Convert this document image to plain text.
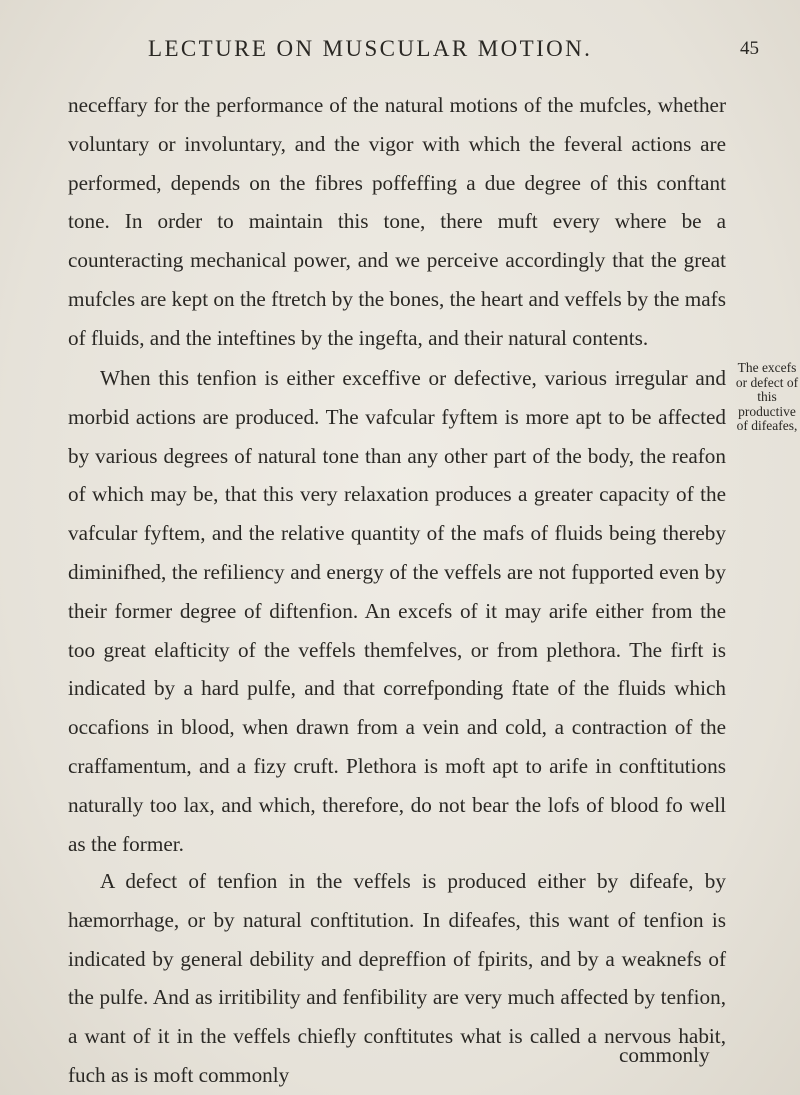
LECTURE ON MUSCULAR MOTION.	45

neceffary for the performance of the natural motions of the mufcles, whether voluntary or involuntary, and the vigor with which the feveral actions are performed, depends on the fibres poffeffing a due degree of this conftant tone. In order to maintain this tone, there muft every where be a counteracting mechanical power, and we perceive accordingly that the great mufcles are kept on the ftretch by the bones, the heart and veffels by the mafs of fluids, and the inteftines by the ingefta, and their natural contents.

When this tenfion is either exceffive or defective, various irregular and morbid actions are produced. The vafcular fyftem is more apt to be affected by various degrees of natural tone than any other part of the body, the reafon of which may be, that this very relaxation produces a greater capacity of the vafcular fyftem, and the relative quantity of the mafs of fluids being thereby diminifhed, the refiliency and energy of the veffels are not fupported even by their former degree of diftenfion. An excefs of it may arife either from the too great elafticity of the veffels themfelves, or from plethora. The firft is indicated by a hard pulfe, and that correfponding ftate of the fluids which occafions in blood, when drawn from a vein and cold, a contraction of the craffamentum, and a fizy cruft. Plethora is moft apt to arife in conftitutions naturally too lax, and which, therefore, do not bear the lofs of blood fo well as the former.

A defect of tenfion in the veffels is produced either by difeafe, by hæmorrhage, or by natural conftitution. In difeafes, this want of tenfion is indicated by general debility and depreffion of fpirits, and by a weaknefs of the pulfe. And as irritibility and fenfibility are very much affected by tenfion, a want of it in the veffels chiefly conftitutes what is called a nervous habit, fuch as is moft commonly

commonly
The excefs or defect of this productive of difeafes,
